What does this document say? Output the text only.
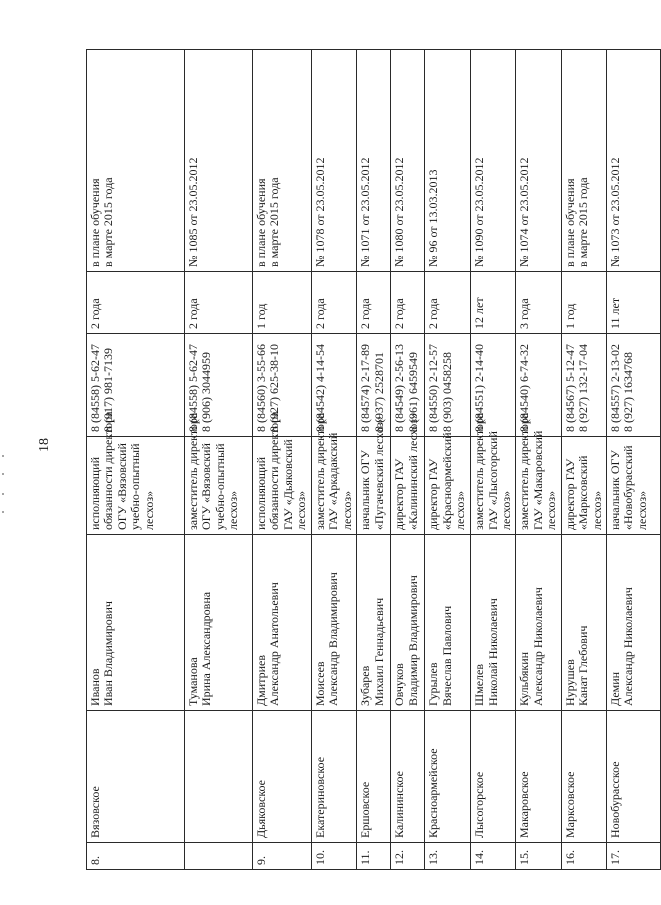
18
8.	Вязовское	Иванов Иван Владимирович	исполняющий обязанности директора ОГУ «Вязовский учебно-опытный лесхоз»	8 (84558) 5-62-47 8 (917) 981-7139	2 года	в плане обучения в марте 2015 года

		Туманова Ирина Александровна	заместитель директора ОГУ «Вязовский учебно-опытный лесхоз»	8 (84558) 5-62-47 8 (906) 3044959	2 года	№ 1085 от 23.05.2012

9.	Дьяковское	Дмитриев Александр Анатольевич	исполняющий обязанности директора ГАУ «Дьяковский лесхоз»	8 (84560) 3-55-66 8 (927) 625-38-10	1 год	в плане обучения в марте 2015 года

10.	Екатериновское	Моисеев Александр Владимирович	заместитель директора ГАУ «Аркадакский лесхоз»	8 (84542) 4-14-54	2 года	№ 1078 от 23.05.2012

11.	Ершовское	Зубарев Михаил Геннадьевич	начальник ОГУ «Пугачевский лесхоз»	8 (84574) 2-17-89 8 (937) 2528701	2 года	№ 1071 от 23.05.2012

12.	Калининское	Овчуков Владимир Владимирович	директор ГАУ «Калининский лесхоз»	8 (84549) 2-56-13 8 (961) 6459549	2 года	№ 1080 от 23.05.2012

13.	Красноармейское	Гурылев Вячеслав Павлович	директор ГАУ «Красноармейский лесхоз»	8 (84550) 2-12-57 8 (903) 0458258	2 года	№ 96 от 13.03.2013

14.	Лысогорское	Шмелев Николай Николаевич	заместитель директора ГАУ «Лысогорский лесхоз»	8 (84551) 2-14-40	12 лет	№ 1090 от 23.05.2012

15.	Макаровское	Кульбякин Александр Николаевич	заместитель директора ГАУ «Макаровский лесхоз»	8 (84540) 6-74-32	3 года	№ 1074 от 23.05.2012

16.	Марксовское	Нурушев Канат Глебович	директор ГАУ «Марксовский лесхоз»	8 (84567) 5-12-47 8 (927) 132-17-04	1 год	в плане обучения в марте 2015 года

17.	Новобурасское	Демин Александр Николаевич	начальник ОГУ «Новобурасский лесхоз»	8 (84557) 2-13-02 8 (927) 1634768	11 лет	№ 1073 от 23.05.2012
